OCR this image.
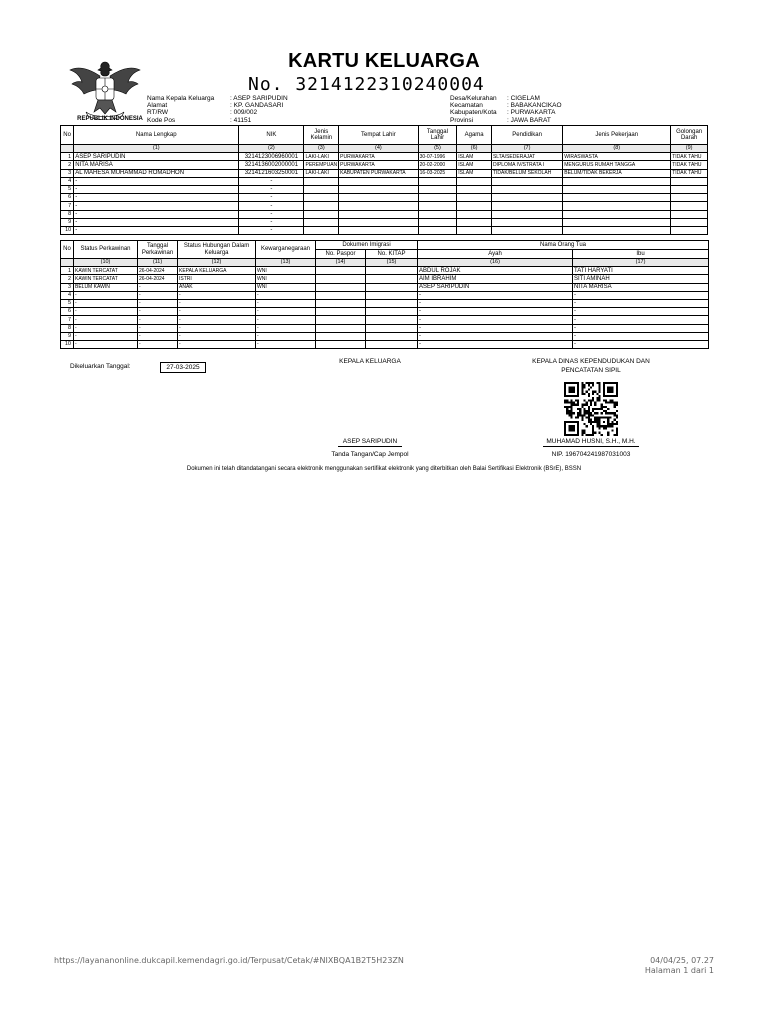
REPUBLIK INDONESIA
KARTU KELUARGA
No. 3214122310240004
Nama Kepala Keluarga : ASEP SARIPUDIN
Alamat	: KP. GANDASARI
RT/RW	: 009/002
Kode Pos	: 41151
Desa/Kelurahan : CIGELAM
Kecamatan	: BABAKANCIKAO
Kabupaten/Kota : PURWAKARTA
Provinsi	: JAWA BARAT
No	Nama Lengkap	NIK	Jenis Kelamin	Tempat Lahir	Tanggal Lahir	Agama	Pendidikan	Jenis Pekerjaan	Golongan Darah
	(1)	(2)	(3)	(4)	(5)	(6)	(7)	(8)	(9)
1	ASEP SARIPUDIN	3214123006960001	LAKI-LAKI	PURWAKARTA	30-07-1996	ISLAM	SLTA/SEDERAJAT	WIRASWASTA	TIDAK TAHU
2	NITA MARISA	3214136002000001	PEREMPUAN	PURWAKARTA	20-02-2000	ISLAM	DIPLOMA IV/STRATA I	MENGURUS RUMAH TANGGA	TIDAK TAHU
3	AL MAHESA MUHAMMAD ROMADHON	3214121603250001	LAKI-LAKI	KABUPATEN PURWAKARTA	16-03-2025	ISLAM	TIDAK/BELUM SEKOLAH	BELUM/TIDAK BEKERJA	TIDAK TAHU
4	-	-							
5	-	-							
6	-	-							
7	-	-							
8	-	-							
9	-	-							
10	-	-							
No	Status Perkawinan	Tanggal Perkawinan	Status Hubungan Dalam Keluarga	Kewarganegaraan	Dokumen Imigrasi		Nama Orang Tua	
					No. Paspor	No. KITAP	Ayah	Ibu
	(10)	(11)	(12)	(13)	(14)	(15)	(16)	(17)
1	KAWIN TERCATAT	26-04-2024	KEPALA KELUARGA	WNI			ABDUL ROJAK	TATI HARYATI
2	KAWIN TERCATAT	26-04-2024	ISTRI	WNI			AIM IBRAHIM	SITI AMINAH
3	BELUM KAWIN	-	ANAK	WNI			ASEP SARIPUDIN	NITA MARISA
4	-	-	-	-			-	-
5	-	-	-	-			-	-
6	-	-	-	-			-	-
7	-	-	-	-			-	-
8	-	-	-	-			-	-
9	-	-	-	-			-	-
10	-	-	-	-			-	-
Dikeluarkan Tanggal:	27-03-2025
KEPALA KELUARGA
ASEP SARIPUDIN
Tanda Tangan/Cap Jempol
KEPALA DINAS KEPENDUDUKAN DAN
PENCATATAN SIPIL
MUHAMAD HUSNI, S.H., M.H.
NIP. 196704241987031003
Dokumen ini telah ditandatangani secara elektronik menggunakan sertifikat elektronik yang diterbitkan oleh Balai Sertifikasi Elektronik (BSrE), BSSN
https://layananonline.dukcapil.kemendagri.go.id/Terpusat/Cetak/#NIXBQA1B2T5H23ZN	04/04/25, 07.27
Halaman 1 dari 1
